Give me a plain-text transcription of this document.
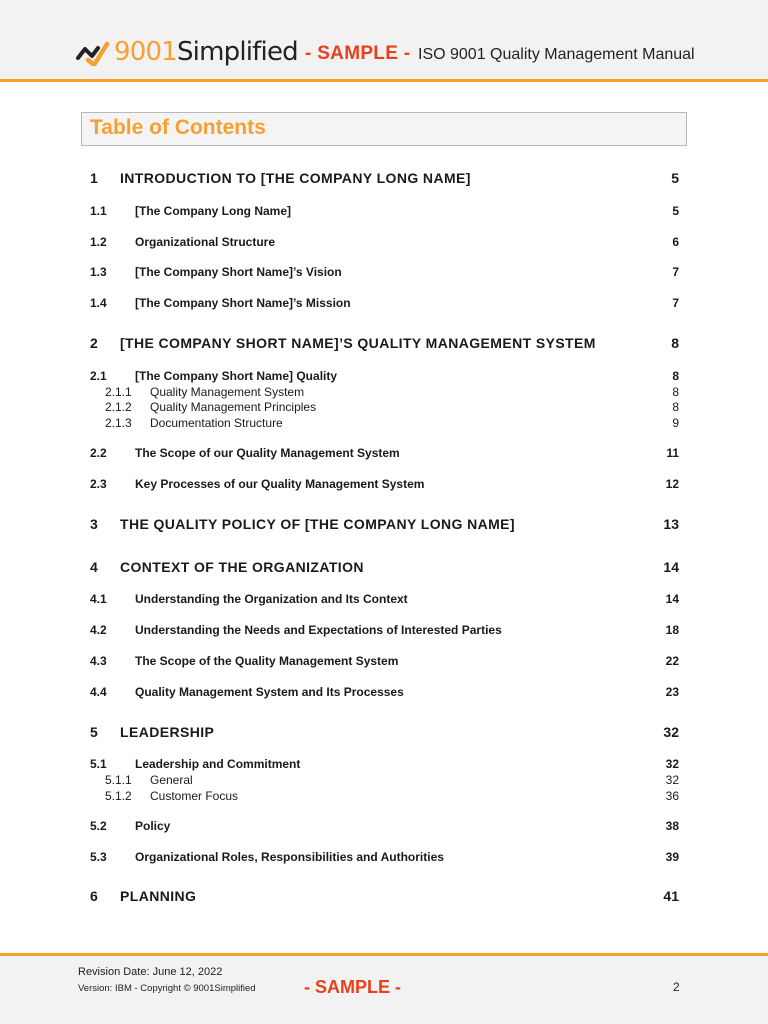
9001Simplified - SAMPLE - ISO 9001 Quality Management Manual
Table of Contents
1 INTRODUCTION TO [THE COMPANY LONG NAME]	5
1.1 [The Company Long Name]	5
1.2 Organizational Structure	6
1.3 [The Company Short Name]’s Vision	7
1.4 [The Company Short Name]’s Mission	7
2 [THE COMPANY SHORT NAME]’S QUALITY MANAGEMENT SYSTEM	8
2.1 [The Company Short Name] Quality	8
2.1.1 Quality Management System	8
2.1.2 Quality Management Principles	8
2.1.3 Documentation Structure	9
2.2 The Scope of our Quality Management System	11
2.3 Key Processes of our Quality Management System	12
3 THE QUALITY POLICY OF [THE COMPANY LONG NAME]	13
4 CONTEXT OF THE ORGANIZATION	14
4.1 Understanding the Organization and Its Context	14
4.2 Understanding the Needs and Expectations of Interested Parties	18
4.3 The Scope of the Quality Management System	22
4.4 Quality Management System and Its Processes	23
5 LEADERSHIP	32
5.1 Leadership and Commitment	32
5.1.1 General	32
5.1.2 Customer Focus	36
5.2 Policy	38
5.3 Organizational Roles, Responsibilities and Authorities	39
6 PLANNING	41
Revision Date: June 12, 2022
Version: IBM - Copyright © 9001Simplified	- SAMPLE -	2
